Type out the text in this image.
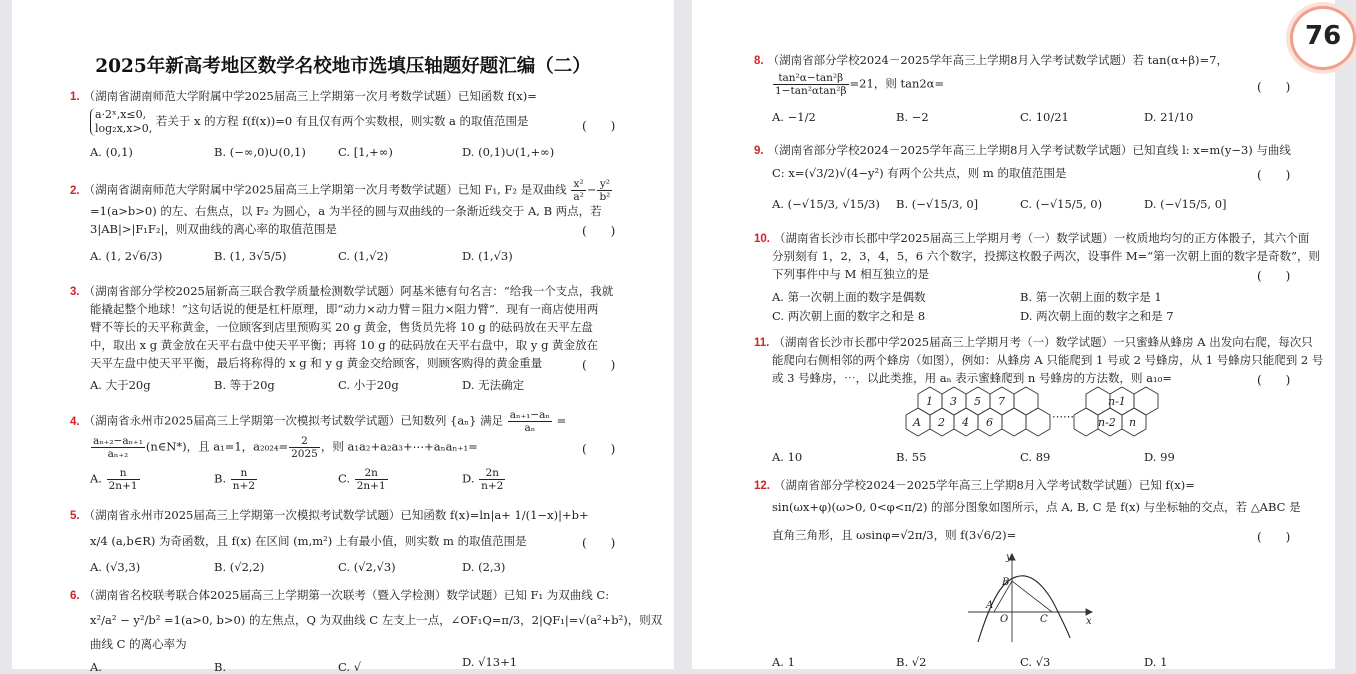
2025年新高考地区数学名校地市选填压轴题好题汇编（二）
1. （湖南省湖南师范大学附属中学2025届高三上学期第一次月考数学试题）已知函数 f(x)=
a·2ˣ,x≤0,
log₂x,x>0, 若关于 x 的方程 f(f(x))=0 有且仅有两个实数根，则实数 a 的取值范围是	(　　)
A. (0,1)	B. (−∞,0)∪(0,1)	C. [1,+∞)	D. (0,1)∪(1,+∞)
2. （湖南省湖南师范大学附属中学2025届高三上学期第一次月考数学试题）已知 F₁, F₂ 是双曲线 $\frac{\text{x²}}{\text{a²}} - \frac{\text{y²}}{\text{b²}}$
=1(a>b>0) 的左、右焦点，以 F₂ 为圆心，a 为半径的圆与双曲线的一条渐近线交于 A, B 两点，若
3|AB|>|F₁F₂|，则双曲线的离心率的取值范围是	(　　)
A. (1, 2√6/3)	B. (1, 3√5/5)	C. (1,√2)	D. (1,√3)
3. （湖南省部分学校2025届新高三联合教学质量检测数学试题）阿基米德有句名言：“给我一个支点，我就
能撬起整个地球！”这句话说的便是杠杆原理，即“动力×动力臂＝阻力×阻力臂”．现有一商店使用两
臂不等长的天平称黄金，一位顾客到店里预购买 20 g 黄金，售货员先将 10 g 的砝码放在天平左盘
中，取出 x g 黄金放在天平右盘中使天平平衡；再将 10 g 的砝码放在天平右盘中，取 y g 黄金放在
天平左盘中使天平平衡，最后将称得的 x g 和 y g 黄金交给顾客，则顾客购得的黄金重量	(　　)
A. 大于20g	B. 等于20g	C. 小于20g	D. 无法确定
4. （湖南省永州市2025届高三上学期第一次模拟考试数学试题）已知数列 {aₙ} 满足 $\frac{\text{aₙ₊₁−aₙ}}{\text{aₙ}}$ =
$\frac{\text{aₙ₊₂−aₙ₊₁}}{\text{aₙ₊₂}}$ (n∈N*)，且 a₁=1，$a_{2024}= \frac{2}{2025}$ ，则 a₁a₂+a₂a₃+⋯+aₙaₙ₊₁=	(　　)
A. $\frac{n}{2n+1}$	B. $\frac{n}{n+2}$	C. $\frac{2n}{2n+1}$	D. $\frac{2n}{n+2}$
5. （湖南省永州市2025届高三上学期第一次模拟考试数学试题）已知函数 f(x)=ln|a+ 1/(1−x)|+b+
x/4 (a,b∈R) 为奇函数，且 f(x) 在区间 (m,m²) 上有最小值，则实数 m 的取值范围是	(　　)
A. (√3,3)	B. (√2,2)	C. (√2,√3)	D. (2,3)
6. （湖南省名校联考联合体2025届高三上学期第一次联考（暨入学检测）数学试题）已知 F₁ 为双曲线 C:
x²/a² − y²/b² =1(a>0, b>0) 的左焦点，Q 为双曲线 C 左支上一点，∠OF₁Q=π/3，2|QF₁|=√(a²+b²)，则双
曲线 C 的离心率为
A.	B.	C. √	D. √13+1
8. （湖南省部分学校2024－2025学年高三上学期8月入学考试数学试题）若 tan(α+β)=7，
$\frac{\text{tan²α−tan²β}}{\text{1−tan²αtan²β}} =21$，则 tan2α=	(　　)
A. −1/2	B. −2	C. 10/21	D. 21/10
9. （湖南省部分学校2024－2025学年高三上学期8月入学考试数学试题）已知直线 l: x=m(y−3) 与曲线
C: x=(√3/2)√(4−y²) 有两个公共点，则 m 的取值范围是	(　　)
A. (−√15/3, √15/3) B. (−√15/3, 0]	C. (−√15/5, 0)	D. (−√15/5, 0]
10. （湖南省长沙市长郡中学2025届高三上学期月考（一）数学试题）一枚质地均匀的正方体骰子，其六个面
分别刻有 1，2，3，4，5，6 六个数字，投掷这枚骰子两次，设事件 M=“第一次朝上面的数字是奇数”，则
下列事件中与 M 相互独立的是	(　　)
A. 第一次朝上面的数字是偶数	B. 第一次朝上面的数字是 1
C. 两次朝上面的数字之和是 8	D. 两次朝上面的数字之和是 7
11. （湖南省长沙市长郡中学2025届高三上学期月考（一）数学试题）一只蜜蜂从蜂房 A 出发向右爬，每次只
能爬向右侧相邻的两个蜂房（如图），例如：从蜂房 A 只能爬到 1 号或 2 号蜂房，从 1 号蜂房只能爬到 2 号
或 3 号蜂房，⋯，以此类推，用 aₙ 表示蜜蜂爬到 n 号蜂房的方法数，则 a₁₀=	(　　)
1 3 5 7
A 2 4 6
n-1
n-2 n
⋯⋯
A. 10	B. 55	C. 89	D. 99
12. （湖南省部分学校2024－2025学年高三上学期8月入学考试数学试题）已知 f(x)=
sin(ωx+φ)(ω>0, 0<φ<π/2) 的部分图象如图所示，点 A, B, C 是 f(x) 与坐标轴的交点，若 △ABC 是
直角三角形，且 ωsinφ=√2π/3，则 f(3√6/2)=	(　　)
y
x
O
A
B
C
A. 1	B. √2	C. √3	D. 1
76
